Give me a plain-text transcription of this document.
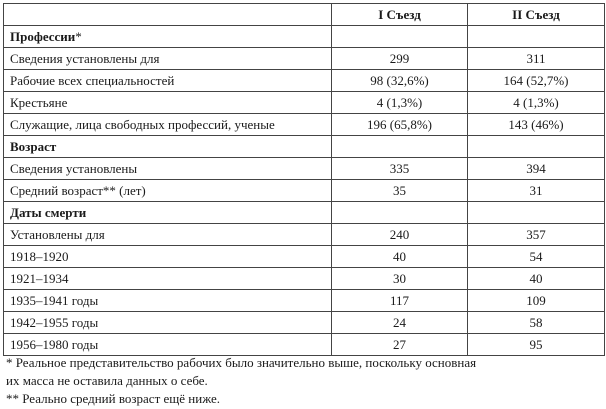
	I Съезд	II Съезд
Профессии*		
Сведения установлены для	299	311
Рабочие всех специальностей	98 (32,6%)	164 (52,7%)
Крестьяне	4 (1,3%)	4 (1,3%)
Служащие, лица свободных профессий, ученые	196 (65,8%)	143 (46%)
Возраст		
Сведения установлены	335	394
Средний возраст** (лет)	35	31
Даты смерти		
Установлены для	240	357
1918–1920	40	54
1921–1934	30	40
1935–1941 годы	117	109
1942–1955 годы	24	58
1956–1980 годы	27	95

* Реальное представительство рабочих было значительно выше, поскольку основная

их масса не оставила данных о себе.

** Реально средний возраст ещё ниже.
